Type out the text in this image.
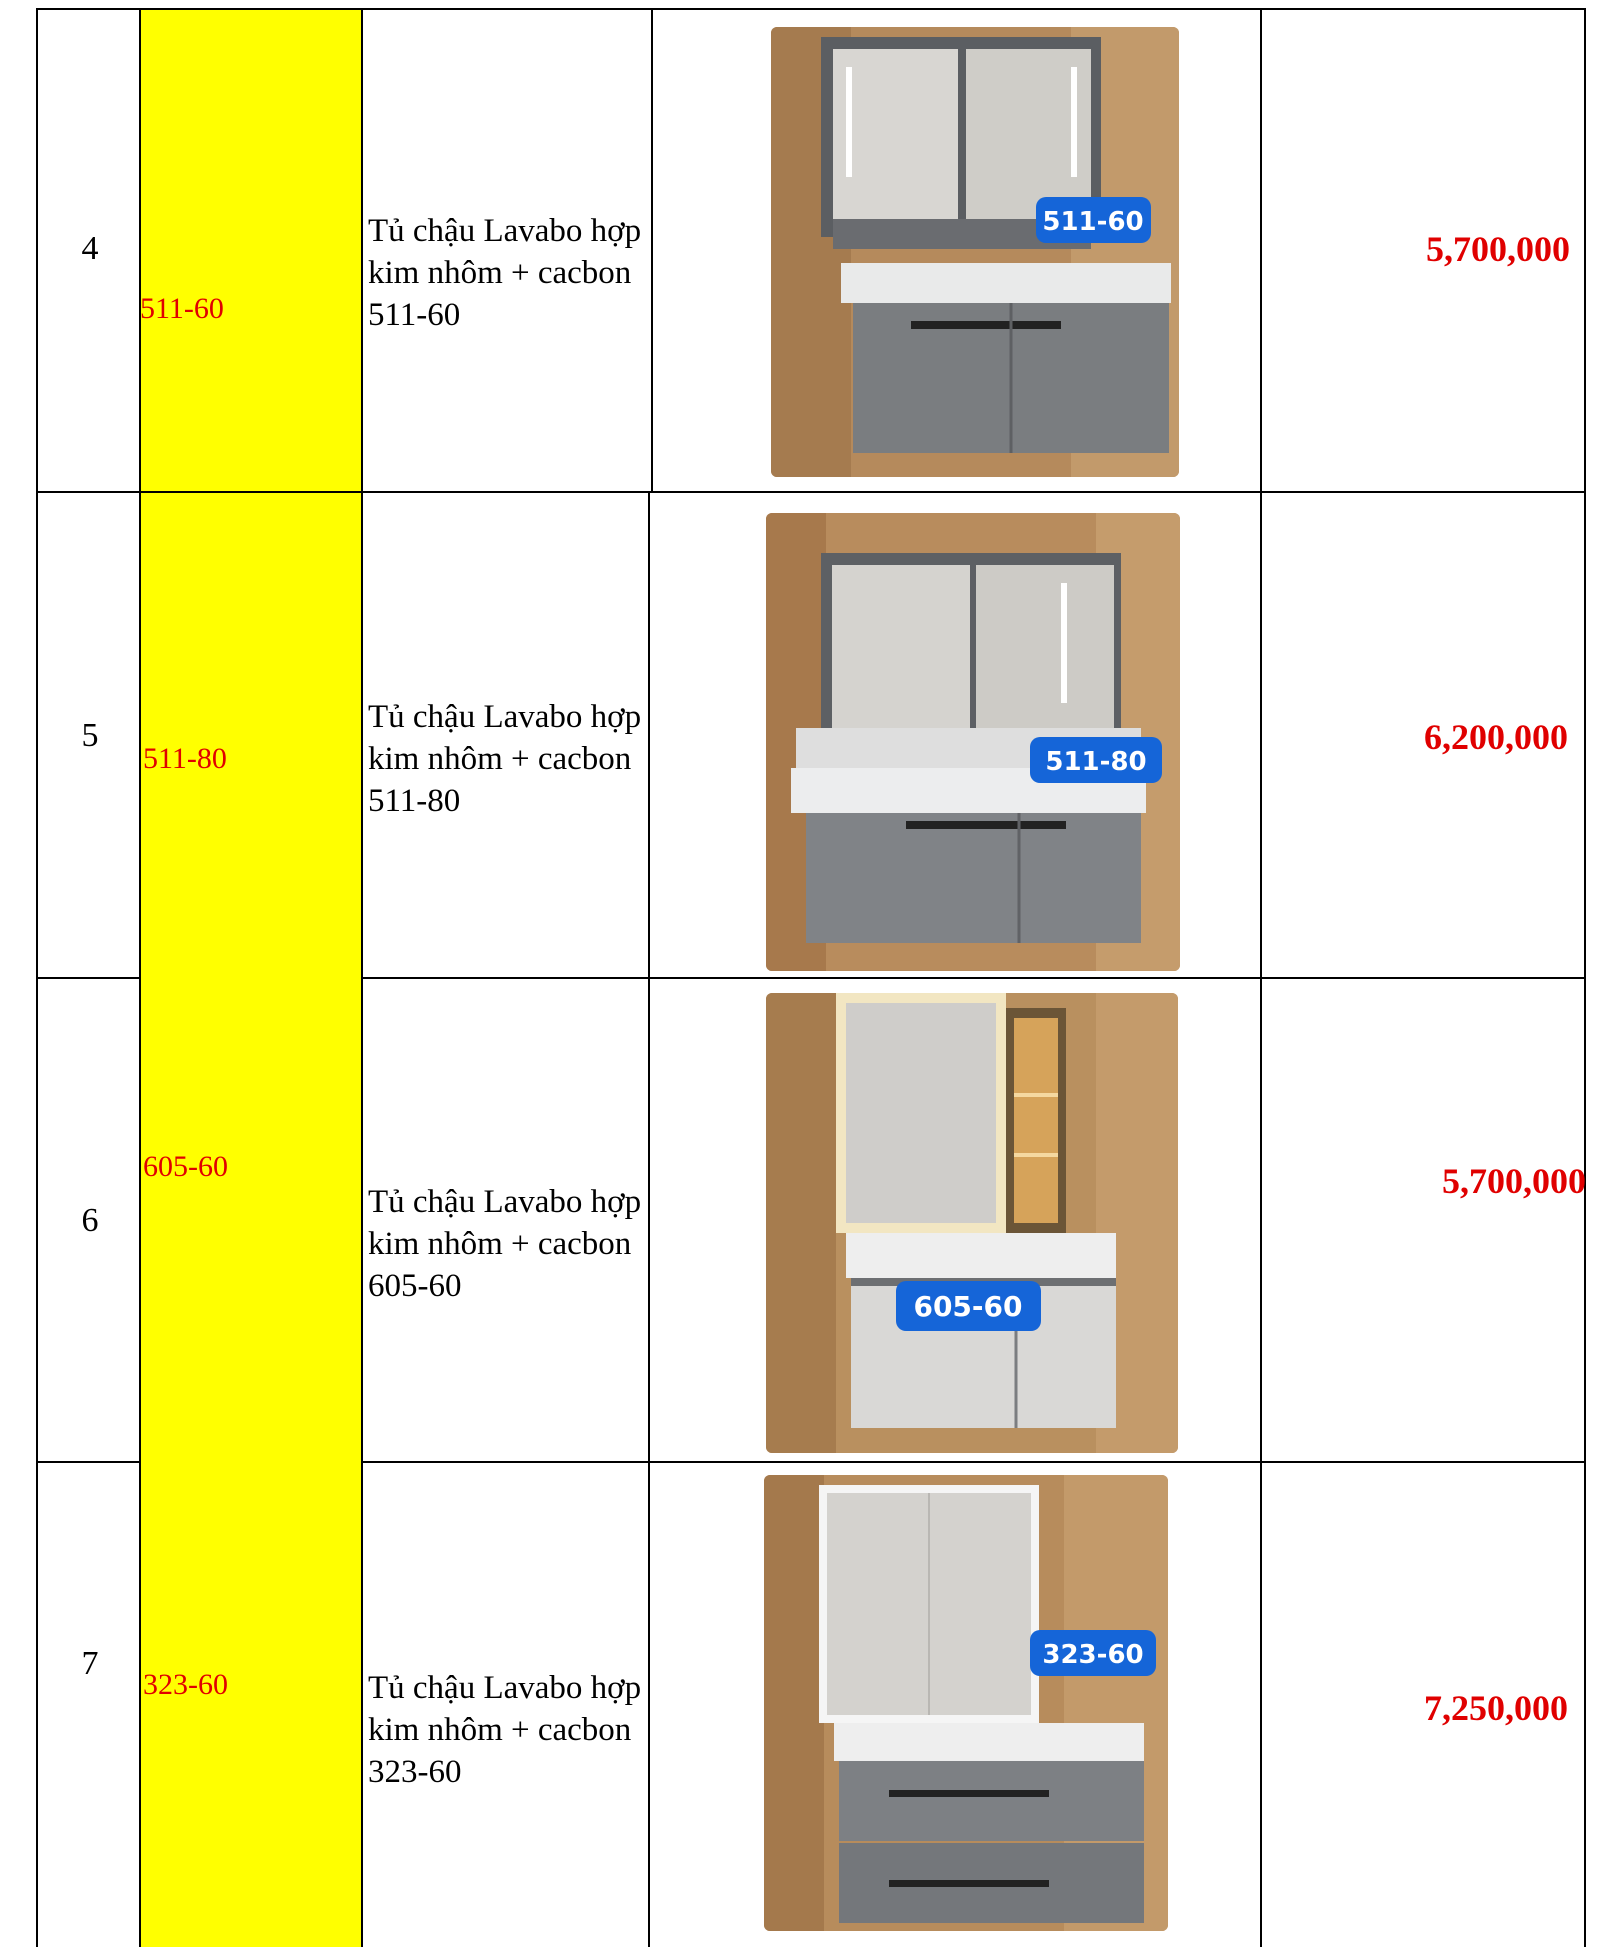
4
511-60
Tủ chậu Lavabo hợp
kim nhôm + cacbon
511-60
511-60
5,700,000
5
511-80
Tủ chậu Lavabo hợp
kim nhôm + cacbon
511-80
511-80
6,200,000
6
605-60
Tủ chậu Lavabo hợp
kim nhôm + cacbon
605-60
605-60
5,700,000
7
323-60	Tủ chậu Lavabo hợp
kim nhôm + cacbon
323-60
323-60
7,250,000
